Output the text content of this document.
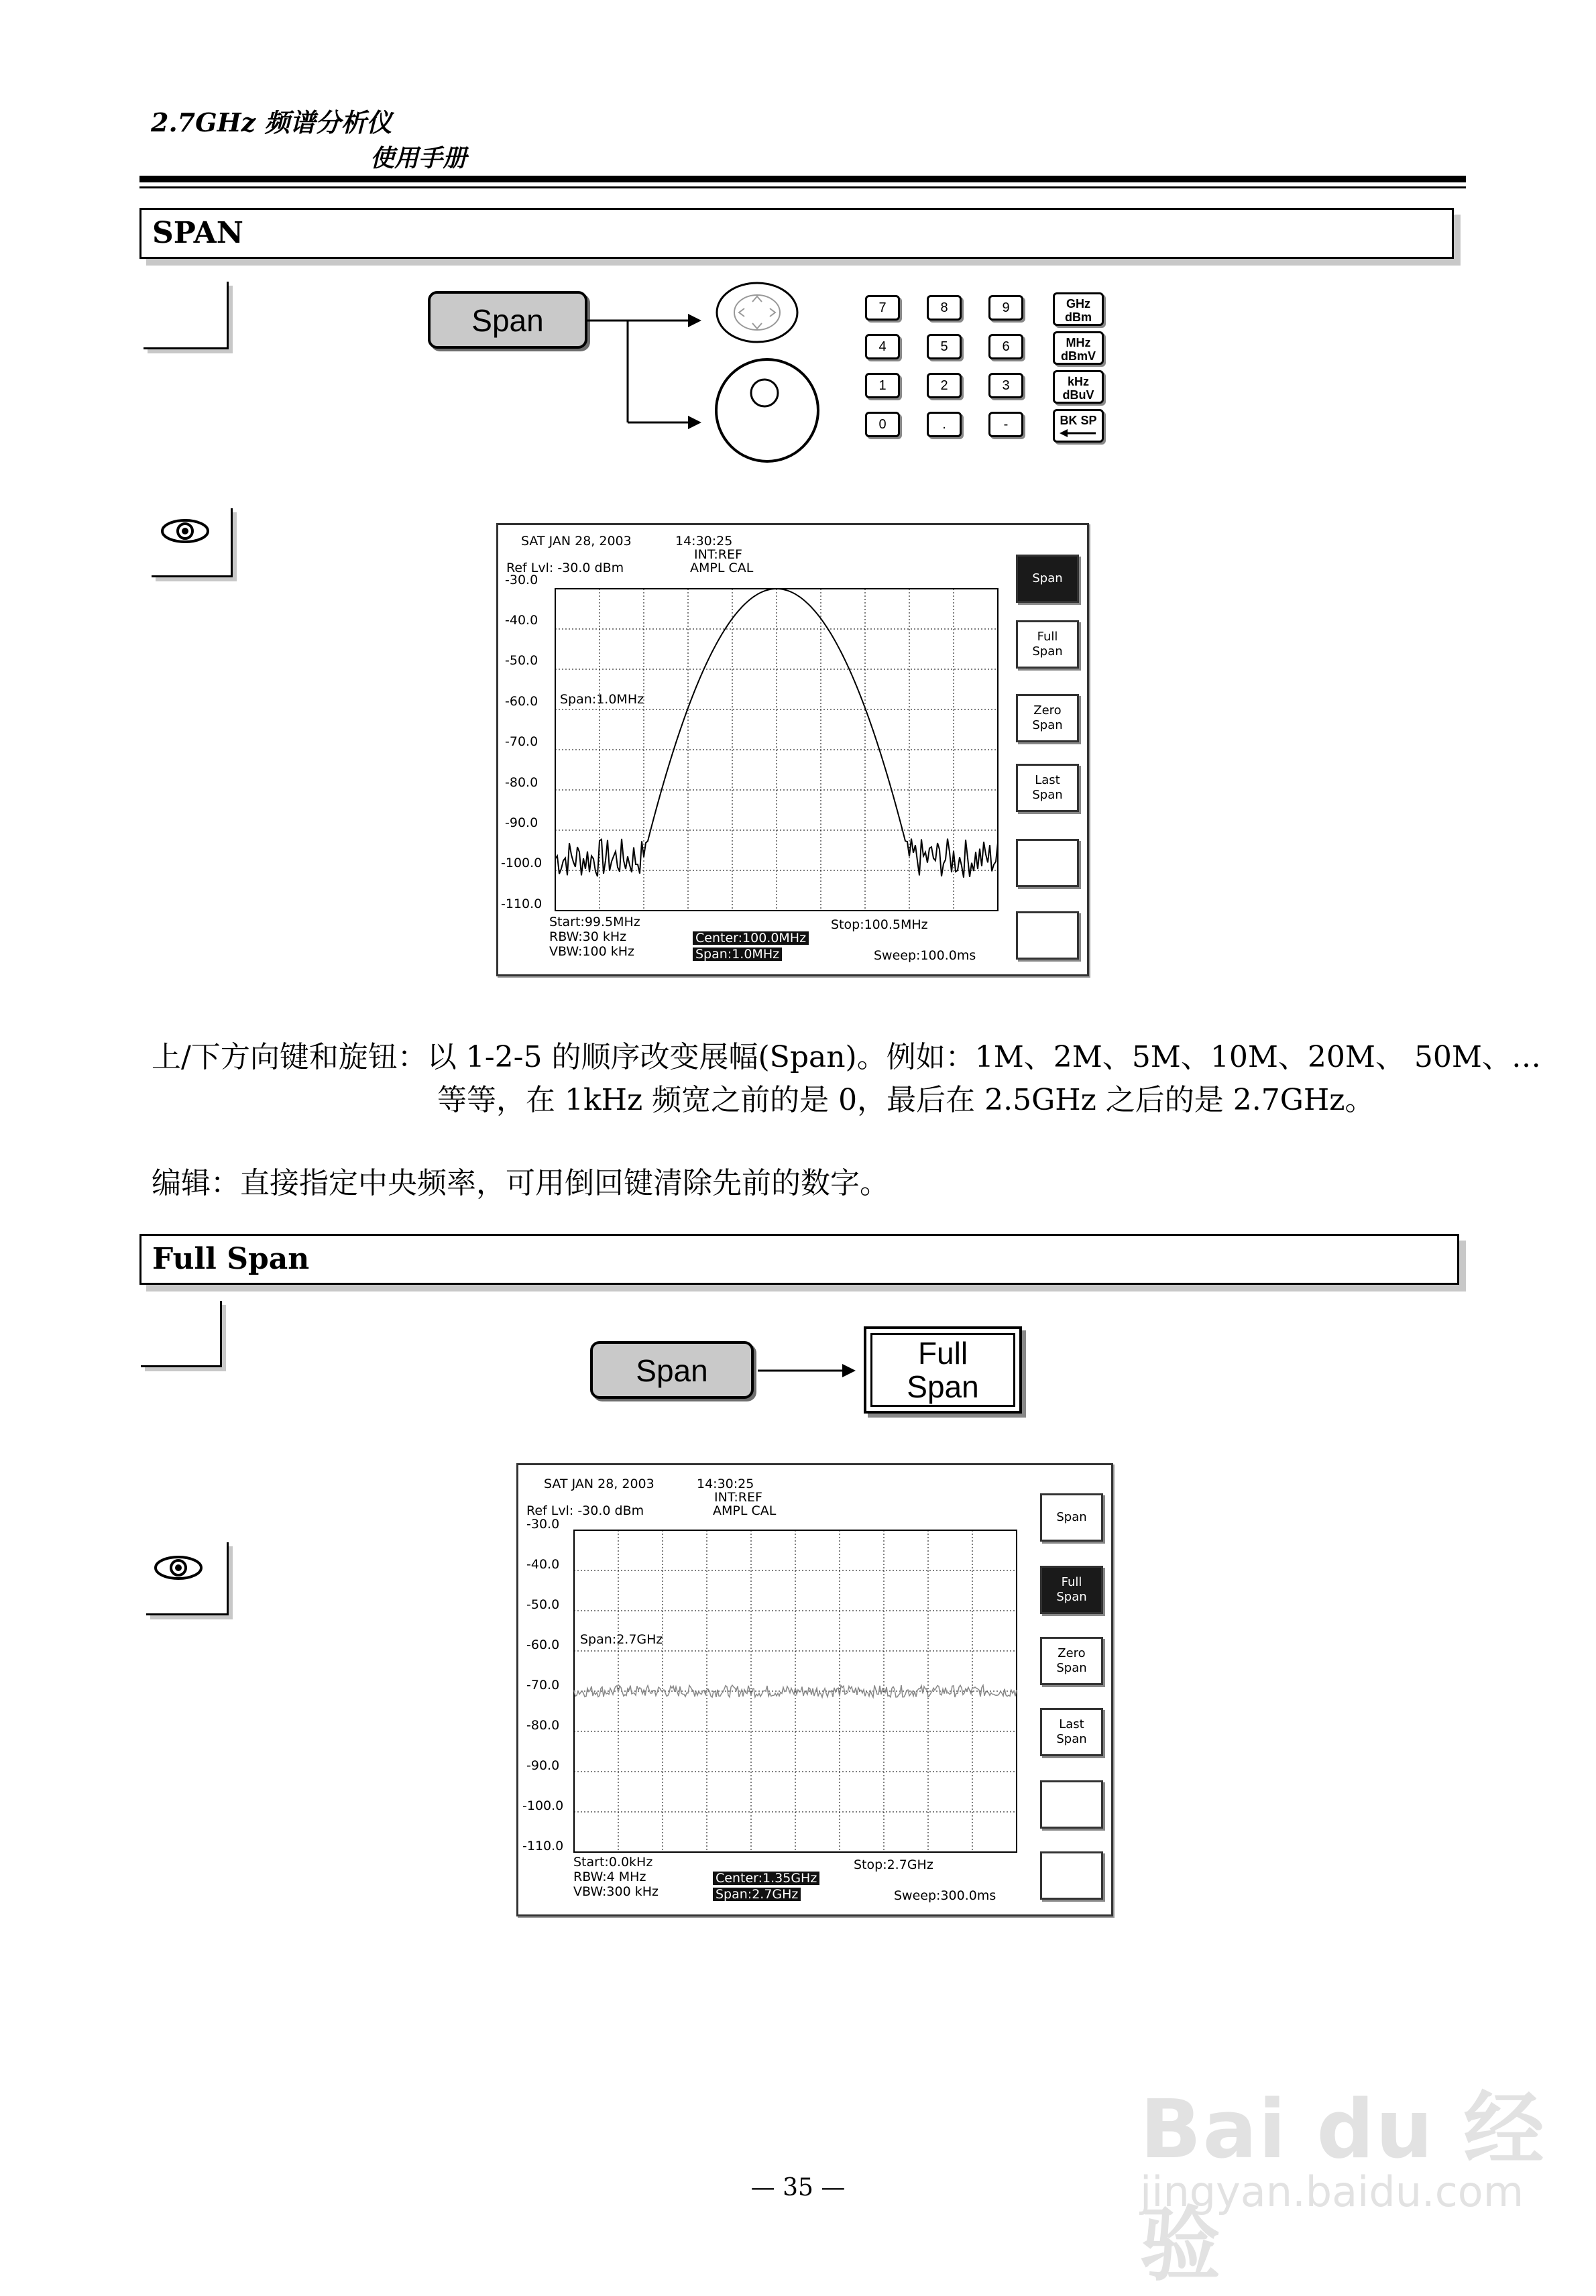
2.7GHz 频谱分析仪
使用手册
SPAN
Span	7	8	9
4	5	6
1	2	3
0	.	-
GHz
dBm
MHz
dBmV
kHz
dBuV
BK SP
SAT JAN 28, 2003	14:30:25
INT:REF
AMPL CAL
Ref Lvl: -30.0 dBm
-30.0
-40.0
-50.0
-60.0
-70.0
-80.0
-90.0
-100.0
-110.0
Span:1.0MHz
Start:99.5MHz
RBW:30 kHz
VBW:100 kHz
Center:100.0MHz
Span:1.0MHz
Stop:100.5MHz
Sweep:100.0ms
Span
Full
Span
Zero
Span
Last
Span
上/下方向键和旋钮：以 1-2-5 的顺序改变展幅(Span)。例如：1M、2M、5M、10M、20M、 50M、…
等等，在 1kHz 频宽之前的是 0，最后在 2.5GHz 之后的是 2.7GHz。
编辑：直接指定中央频率，可用倒回键清除先前的数字。
Full Span
Span	Full
Span
SAT JAN 28, 2003	14:30:25
INT:REF
AMPL CAL
Ref Lvl: -30.0 dBm
-30.0
-40.0
-50.0
-60.0
-70.0
-80.0
-90.0
-100.0
-110.0
Span:2.7GHz
Start:0.0kHz
RBW:4 MHz
VBW:300 kHz
Center:1.35GHz
Span:2.7GHz
Stop:2.7GHz
Sweep:300.0ms
Span
Full
Span
Zero
Span
Last
Span
— 35 —
Bai du 经验
jingyan.baidu.com
